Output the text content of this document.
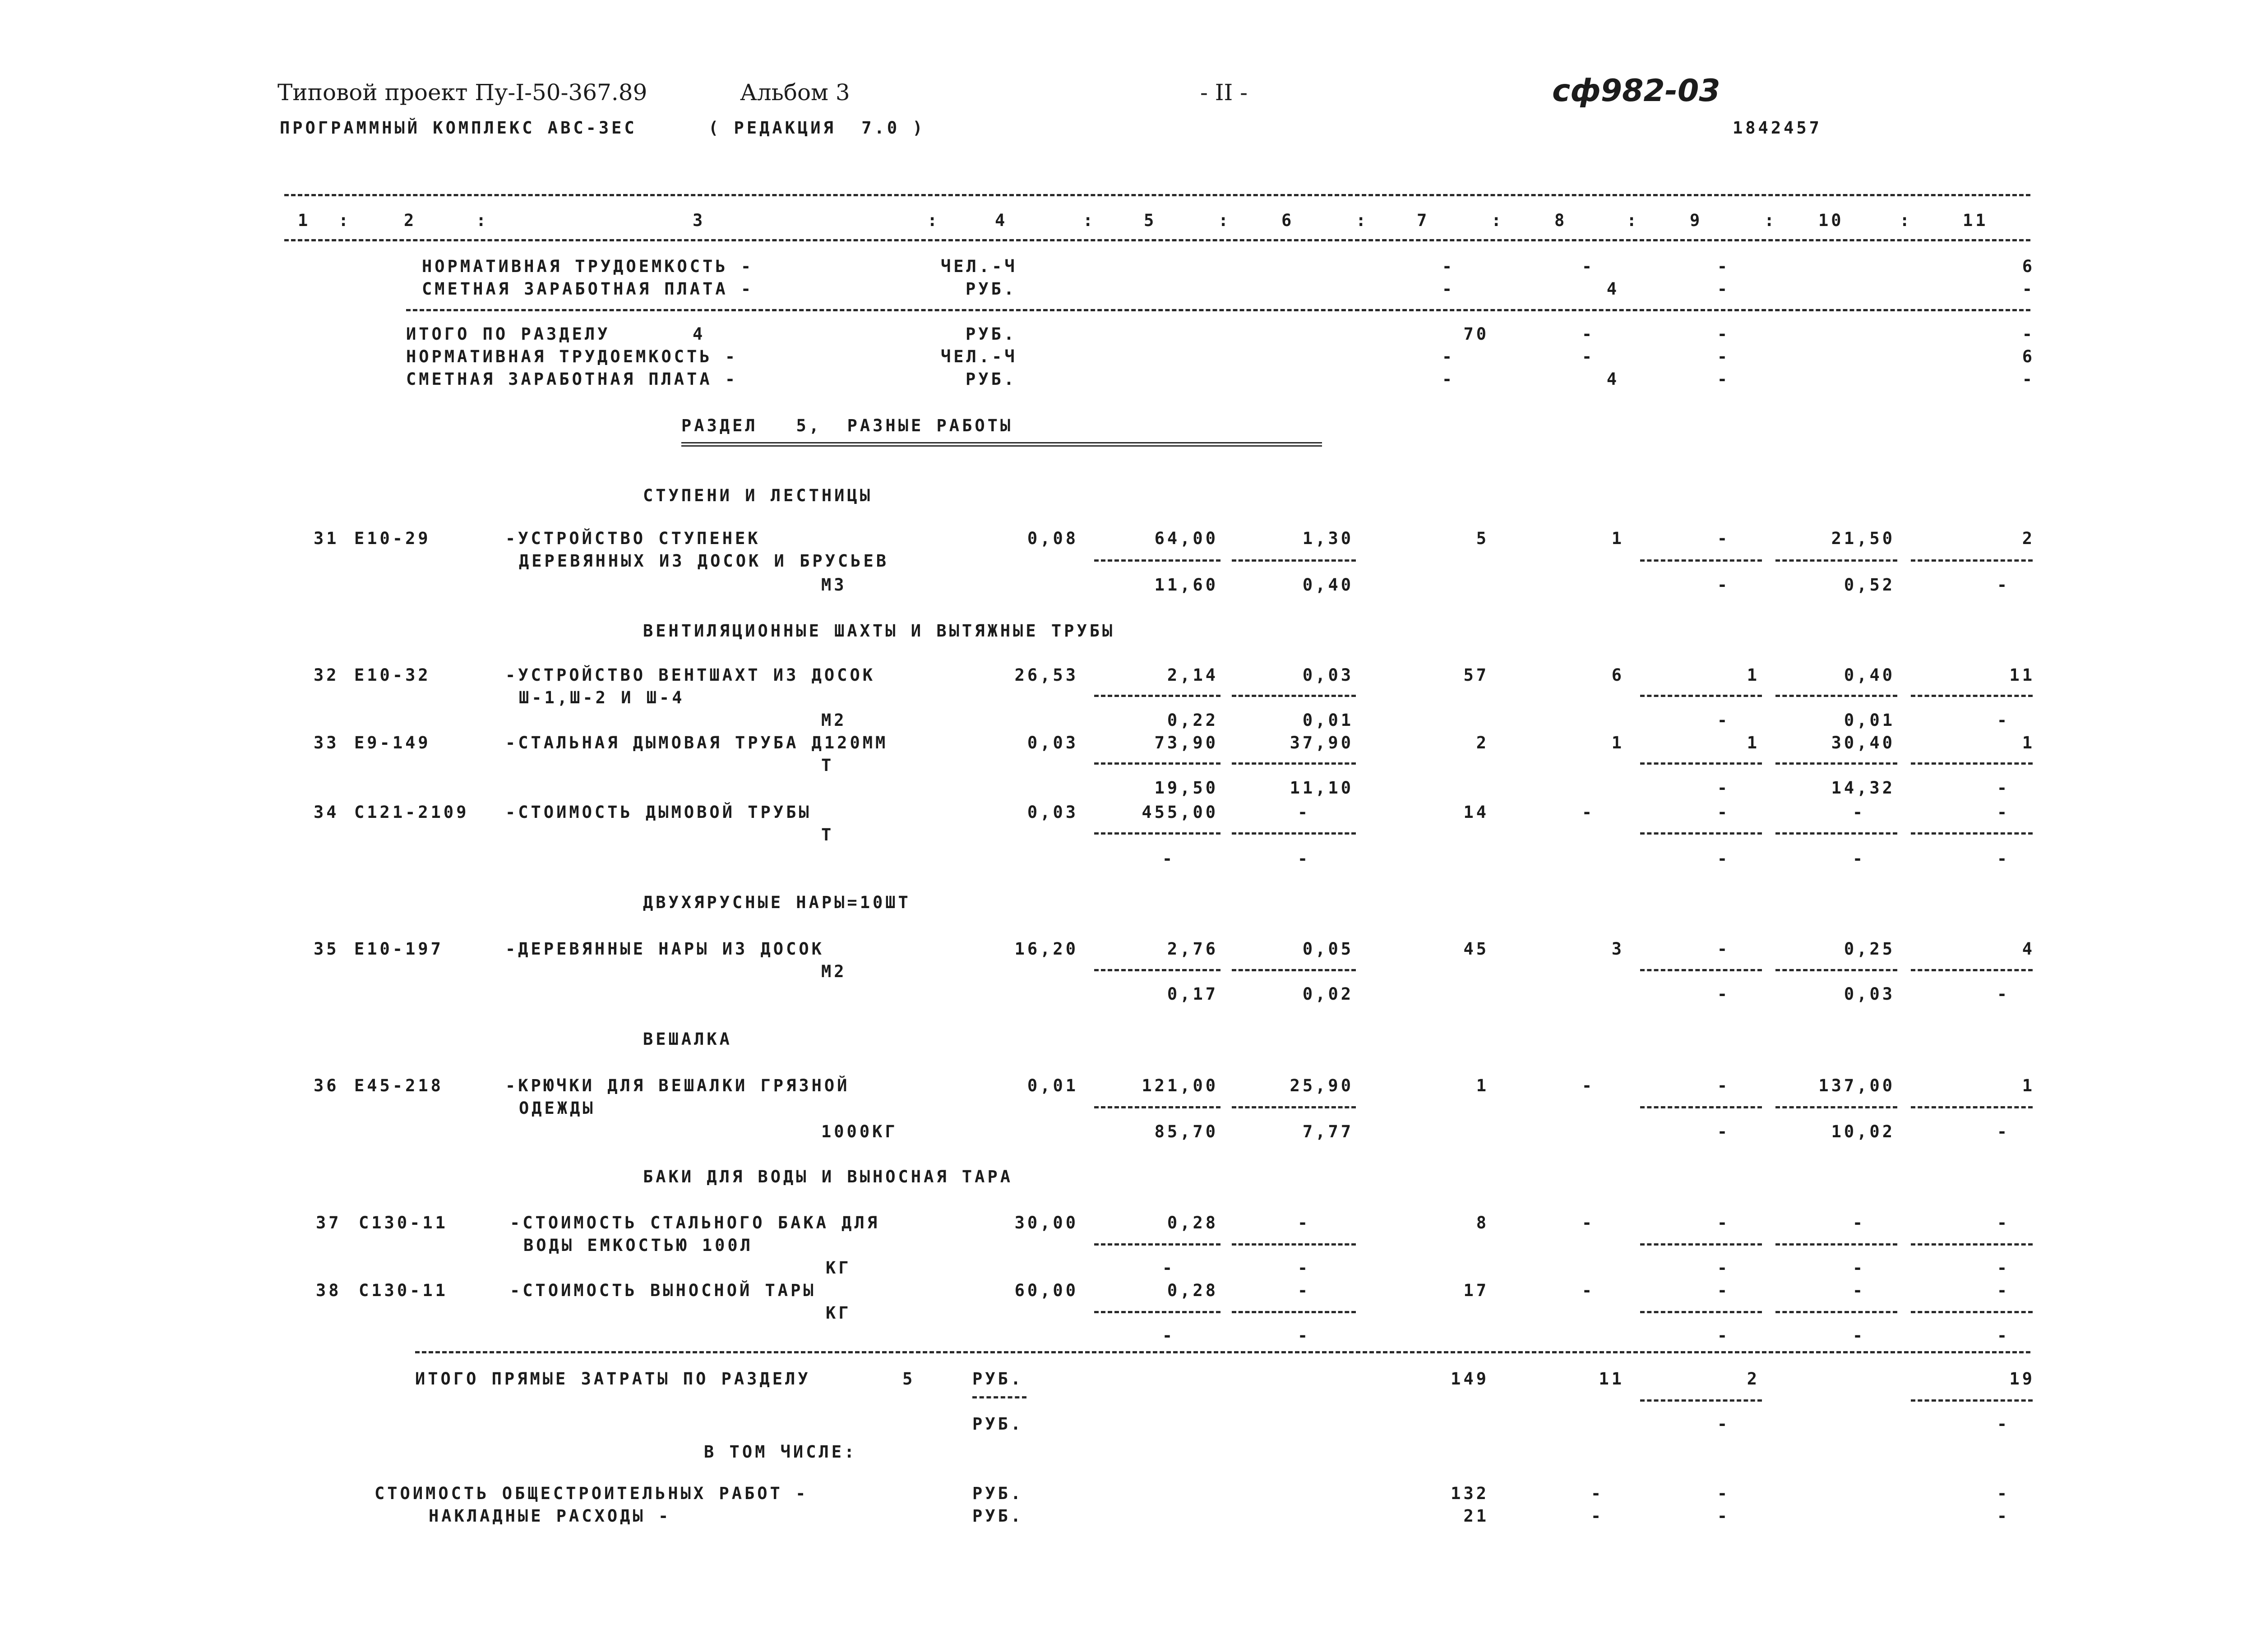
Типовой проект Пу-I-50-367.89	Альбом 3	- II -	сф982-03
ПРОГРАММНЫЙ КОМПЛЕКС АВС-ЗЕС	( РЕДАКЦИЯ  7.0 )	1842457
1 :	2	:	3	:	4	:	5	:	6	:	7	:	8	:	9	: 10	:	11
НОРМАТИВНАЯ ТРУДОЕМКОСТЬ -	ЧЕЛ.-Ч	-	-	-	6
СМЕТНАЯ ЗАРАБОТНАЯ ПЛАТА -	РУБ.	-	4	-	-
ИТОГО ПО РАЗДЕЛУ	4	РУБ.	70	-	-	-
НОРМАТИВНАЯ ТРУДОЕМКОСТЬ -	ЧЕЛ.-Ч	-	-	-	6
СМЕТНАЯ ЗАРАБОТНАЯ ПЛАТА -	РУБ.	-	4	-	-
РАЗДЕЛ   5,  РАЗНЫЕ РАБОТЫ
СТУПЕНИ И ЛЕСТНИЦЫ
31 Е10-29	-УСТРОЙСТВО СТУПЕНЕК
ДЕРЕВЯННЫХ ИЗ ДОСОК И БРУСЬЕВ
М3
0,08	64,00	1,30	5	1	-	21,50	2
11,60	0,40	-	0,52	-
ВЕНТИЛЯЦИОННЫЕ ШАХТЫ И ВЫТЯЖНЫЕ ТРУБЫ
32 Е10-32	-УСТРОЙСТВО ВЕНТШАХТ ИЗ ДОСОК
Ш-1,Ш-2 И Ш-4
М2
26,53	2,14	0,03	57	6	1	0,40	11
0,22	0,01	-	0,01	-
33 Е9-149	-СТАЛЬНАЯ ДЫМОВАЯ ТРУБА Д120ММ
Т
0,03	73,90	37,90	2	1	1	30,40	1
19,50	11,10	-	14,32	-
34 С121-2109 -СТОИМОСТЬ ДЫМОВОЙ ТРУБЫ
Т
0,03	455,00	-	14	-	-	-	-
-	-	-	-	-
ДВУХЯРУСНЫЕ НАРЫ=10ШТ
35 Е10-197	-ДЕРЕВЯННЫЕ НАРЫ ИЗ ДОСОК
М2
16,20	2,76	0,05	45	3	-	0,25	4
0,17	0,02	-	0,03	-
ВЕШАЛКА
36 Е45-218	-КРЮЧКИ ДЛЯ ВЕШАЛКИ ГРЯЗНОЙ
ОДЕЖДЫ
1000КГ
0,01	121,00	25,90	1	-	-	137,00	1
85,70	7,77	-	10,02	-
БАКИ ДЛЯ ВОДЫ И ВЫНОСНАЯ ТАРА
37 С130-11	-СТОИМОСТЬ СТАЛЬНОГО БАКА ДЛЯ
ВОДЫ ЕМКОСТЬЮ 100Л
КГ
30,00	0,28	-	8	-	-	-	-
-	-	-	-	-
38 С130-11	-СТОИМОСТЬ ВЫНОСНОЙ ТАРЫ
КГ
60,00	0,28	-	17	-	-	-	-
-	-	-	-	-
ИТОГО ПРЯМЫЕ ЗАТРАТЫ ПО РАЗДЕЛУ	5	РУБ.	149	11	2	19
РУБ.	-	-
В ТОМ ЧИСЛЕ:
СТОИМОСТЬ ОБЩЕСТРОИТЕЛЬНЫХ РАБОТ -	РУБ.	132	-	-	-
НАКЛАДНЫЕ РАСХОДЫ -	РУБ.	21	-	-	-
